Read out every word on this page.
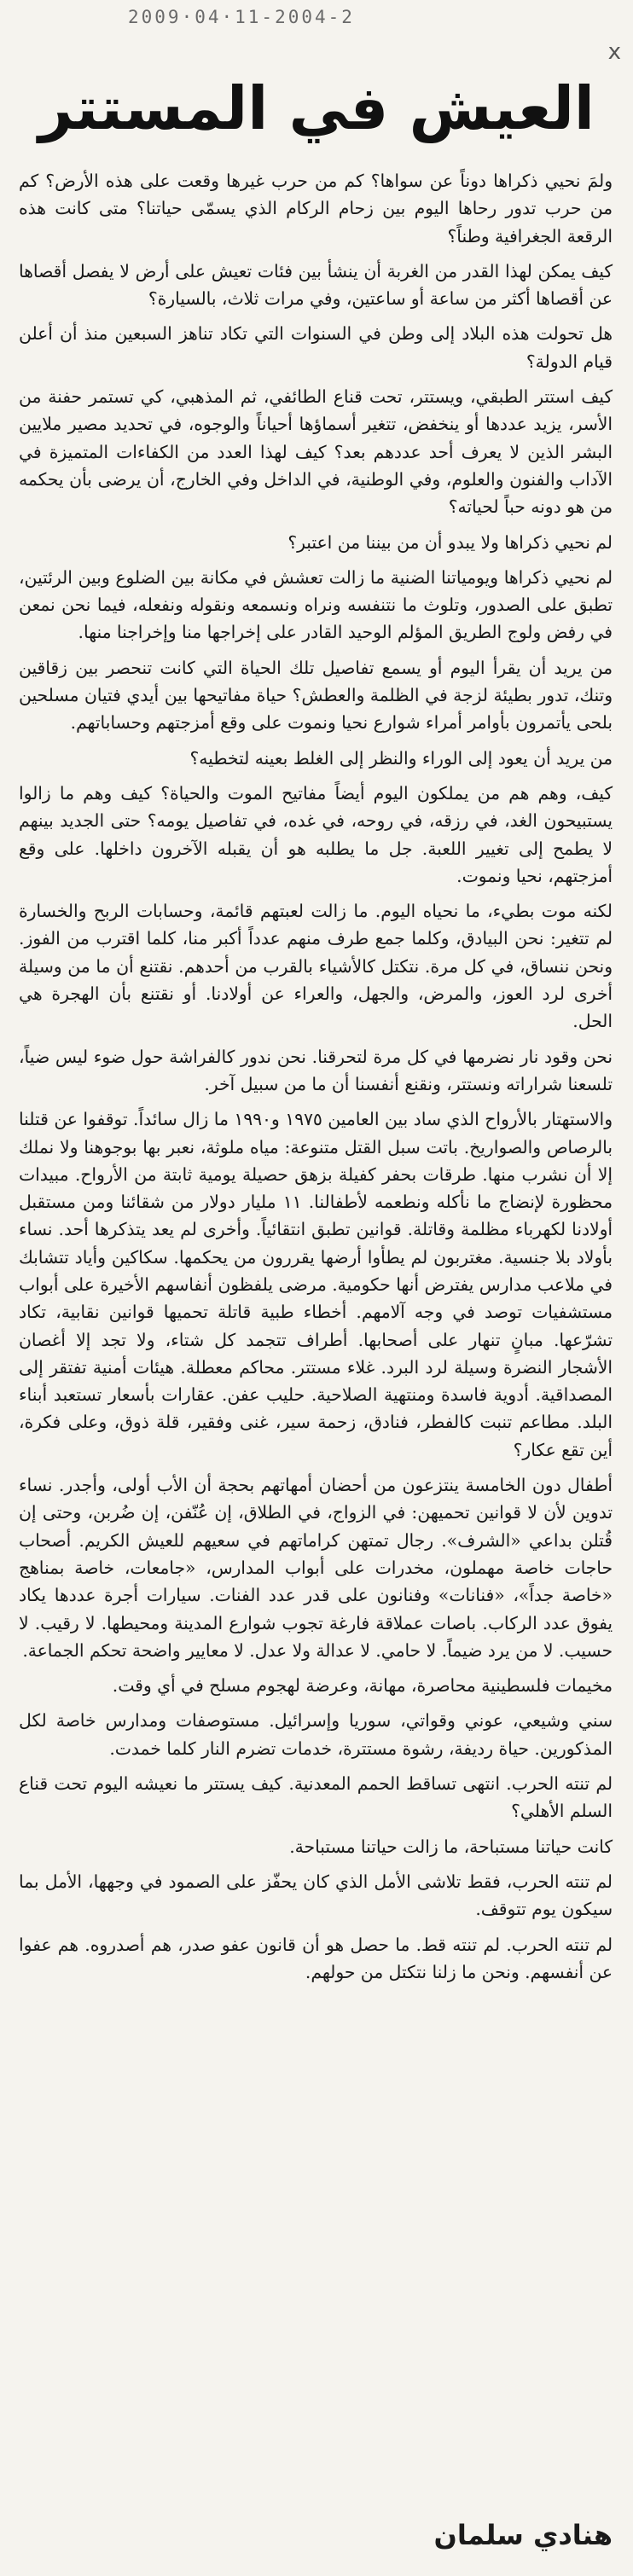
2009·04·11-2004-2
x
العيش في المستتر

ولمَ نحيي ذكراها دوناً عن سواها؟ كم من حرب غيرها وقعت على هذه الأرض؟ كم من حرب تدور رحاها اليوم بين زحام الركام الذي يسمّى حياتنا؟ متى كانت هذه الرقعة الجغرافية وطناً؟

كيف يمكن لهذا القدر من الغربة أن ينشأ بين فئات تعيش على أرض لا يفصل أقصاها عن أقصاها أكثر من ساعة أو ساعتين، وفي مرات ثلاث، بالسيارة؟

هل تحولت هذه البلاد إلى وطن في السنوات التي تكاد تناهز السبعين منذ أن أعلن قيام الدولة؟

كيف استتر الطبقي، ويستتر، تحت قناع الطائفي، ثم المذهبي، كي تستمر حفنة من الأسر، يزيد عددها أو ينخفض، تتغير أسماؤها أحياناً والوجوه، في تحديد مصير ملايين البشر الذين لا يعرف أحد عددهم بعد؟ كيف لهذا العدد من الكفاءات المتميزة في الآداب والفنون والعلوم، وفي الوطنية، في الداخل وفي الخارج، أن يرضى بأن يحكمه من هو دونه حباً لحياته؟

لم نحيي ذكراها ولا يبدو أن من بيننا من اعتبر؟

لم نحيي ذكراها ويومياتنا الضنية ما زالت تعشش في مكانة بين الضلوع وبين الرئتين، تطبق على الصدور، وتلوث ما نتنفسه ونراه ونسمعه ونقوله ونفعله، فيما نحن نمعن في رفض ولوج الطريق المؤلم الوحيد القادر على إخراجها منا وإخراجنا منها.

من يريد أن يقرأ اليوم أو يسمع تفاصيل تلك الحياة التي كانت تنحصر بين زقاقين وتنك، تدور بطيئة لزجة في الظلمة والعطش؟ حياة مفاتيحها بين أيدي فتيان مسلحين بلحى يأتمرون بأوامر أمراء شوارع نحيا ونموت على وقع أمزجتهم وحساباتهم.

من يريد أن يعود إلى الوراء والنظر إلى الغلط بعينه لتخطيه؟

كيف، وهم هم من يملكون اليوم أيضاً مفاتيح الموت والحياة؟ كيف وهم ما زالوا يستبيحون الغد، في رزقه، في روحه، في غده، في تفاصيل يومه؟ حتى الجديد بينهم لا يطمح إلى تغيير اللعبة. جل ما يطلبه هو أن يقبله الآخرون داخلها. على وقع أمزجتهم، نحيا ونموت.

لكنه موت بطيء، ما نحياه اليوم. ما زالت لعبتهم قائمة، وحسابات الربح والخسارة لم تتغير: نحن البيادق، وكلما جمع طرف منهم عدداً أكبر منا، كلما اقترب من الفوز. ونحن ننساق، في كل مرة. نتكتل كالأشياء بالقرب من أحدهم. نقتنع أن ما من وسيلة أخرى لرد العوز، والمرض، والجهل، والعراء عن أولادنا. أو نقتنع بأن الهجرة هي الحل.

نحن وقود نار نضرمها في كل مرة لتحرقنا. نحن ندور كالفراشة حول ضوء ليس ضياً، تلسعنا شراراته ونستتر، ونقنع أنفسنا أن ما من سبيل آخر.

والاستهتار بالأرواح الذي ساد بين العامين ١٩٧٥ و١٩٩٠ ما زال سائداً. توقفوا عن قتلنا بالرصاص والصواريخ. باتت سبل القتل متنوعة: مياه ملوثة، نعبر بها بوجوهنا ولا نملك إلا أن نشرب منها. طرقات بحفر كفيلة بزهق حصيلة يومية ثابتة من الأرواح. مبيدات محظورة لإنضاج ما نأكله ونطعمه لأطفالنا. ١١ مليار دولار من شقائنا ومن مستقبل أولادنا لكهرباء مظلمة وقاتلة. قوانين تطبق انتقائياً. وأخرى لم يعد يتذكرها أحد. نساء بأولاد بلا جنسية. مغتربون لم يطأوا أرضها يقررون من يحكمها. سكاكين وأياد تتشابك في ملاعب مدارس يفترض أنها حكومية. مرضى يلفظون أنفاسهم الأخيرة على أبواب مستشفيات توصد في وجه آلامهم. أخطاء طبية قاتلة تحميها قوانين نقابية، تكاد تشرّعها. مبانٍ تنهار على أصحابها. أطراف تتجمد كل شتاء، ولا تجد إلا أغصان الأشجار النضرة وسيلة لرد البرد. غلاء مستتر. محاكم معطلة. هيئات أمنية تفتقر إلى المصداقية. أدوية فاسدة ومنتهية الصلاحية. حليب عفن. عقارات بأسعار تستعبد أبناء البلد. مطاعم تنبت كالفطر، فنادق، زحمة سير، غنى وفقير، قلة ذوق، وعلى فكرة، أين تقع عكار؟

أطفال دون الخامسة ينتزعون من أحضان أمهاتهم بحجة أن الأب أولى، وأجدر. نساء تدوين لأن لا قوانين تحميهن: في الزواج، في الطلاق، إن عُنّفن، إن ضُربن، وحتى إن قُتلن بداعي «الشرف». رجال تمتهن كراماتهم في سعيهم للعيش الكريم. أصحاب حاجات خاصة مهملون، مخدرات على أبواب المدارس، «جامعات، خاصة بمناهج «خاصة جداً»، «فنانات» وفنانون على قدر عدد الفنات. سيارات أجرة عددها يكاد يفوق عدد الركاب. باصات عملاقة فارغة تجوب شوارع المدينة ومحيطها. لا رقيب. لا حسيب. لا من يرد ضيماً. لا حامي. لا عدالة ولا عدل. لا معايير واضحة تحكم الجماعة.

مخيمات فلسطينية محاصرة، مهانة، وعرضة لهجوم مسلح في أي وقت.

سني وشيعي، عوني وقواتي، سوريا وإسرائيل. مستوصفات ومدارس خاصة لكل المذكورين. حياة رديفة، رشوة مستترة، خدمات تضرم النار كلما خمدت.

لم تنته الحرب. انتهى تساقط الحمم المعدنية. كيف يستتر ما نعيشه اليوم تحت قناع السلم الأهلي؟

كانت حياتنا مستباحة، ما زالت حياتنا مستباحة.

لم تنته الحرب، فقط تلاشى الأمل الذي كان يحفّز على الصمود في وجهها، الأمل بما سيكون يوم تتوقف.

لم تنته الحرب. لم تنته قط. ما حصل هو أن قانون عفو صدر، هم أصدروه. هم عفوا عن أنفسهم. ونحن ما زلنا نتكتل من حولهم.

هنادي سلمان
